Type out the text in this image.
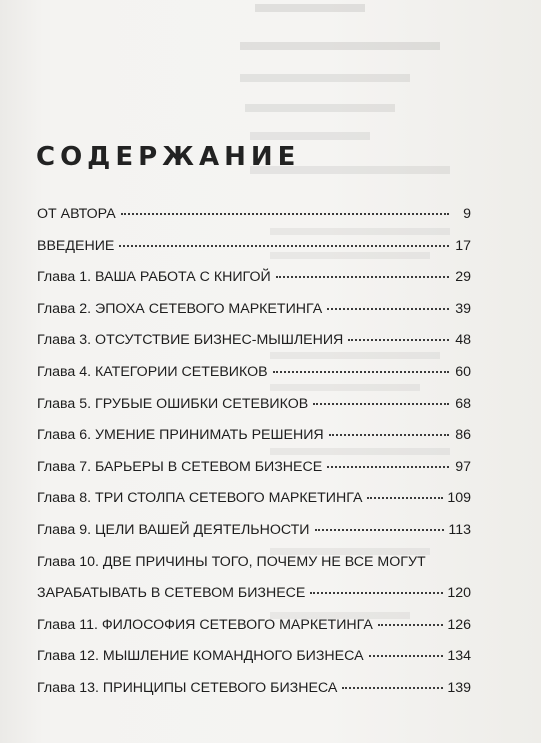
СОДЕРЖАНИЕ
ОТ АВТОРА	9
ВВЕДЕНИЕ	17
Глава 1. ВАША РАБОТА С КНИГОЙ	29
Глава 2. ЭПОХА СЕТЕВОГО МАРКЕТИНГА	39
Глава 3. ОТСУТСТВИЕ БИЗНЕС-МЫШЛЕНИЯ	48
Глава 4. КАТЕГОРИИ СЕТЕВИКОВ	60
Глава 5. ГРУБЫЕ ОШИБКИ СЕТЕВИКОВ	68
Глава 6. УМЕНИЕ ПРИНИМАТЬ РЕШЕНИЯ	86
Глава 7. БАРЬЕРЫ В СЕТЕВОМ БИЗНЕСЕ	97
Глава 8. ТРИ СТОЛПА СЕТЕВОГО МАРКЕТИНГА	109
Глава 9. ЦЕЛИ ВАШЕЙ ДЕЯТЕЛЬНОСТИ	113
Глава 10. ДВЕ ПРИЧИНЫ ТОГО, ПОЧЕМУ НЕ ВСЕ МОГУТ
ЗАРАБАТЫВАТЬ В СЕТЕВОМ БИЗНЕСЕ	120
Глава 11. ФИЛОСОФИЯ СЕТЕВОГО МАРКЕТИНГА	126
Глава 12. МЫШЛЕНИЕ КОМАНДНОГО БИЗНЕСА	134
Глава 13. ПРИНЦИПЫ СЕТЕВОГО БИЗНЕСА	139
